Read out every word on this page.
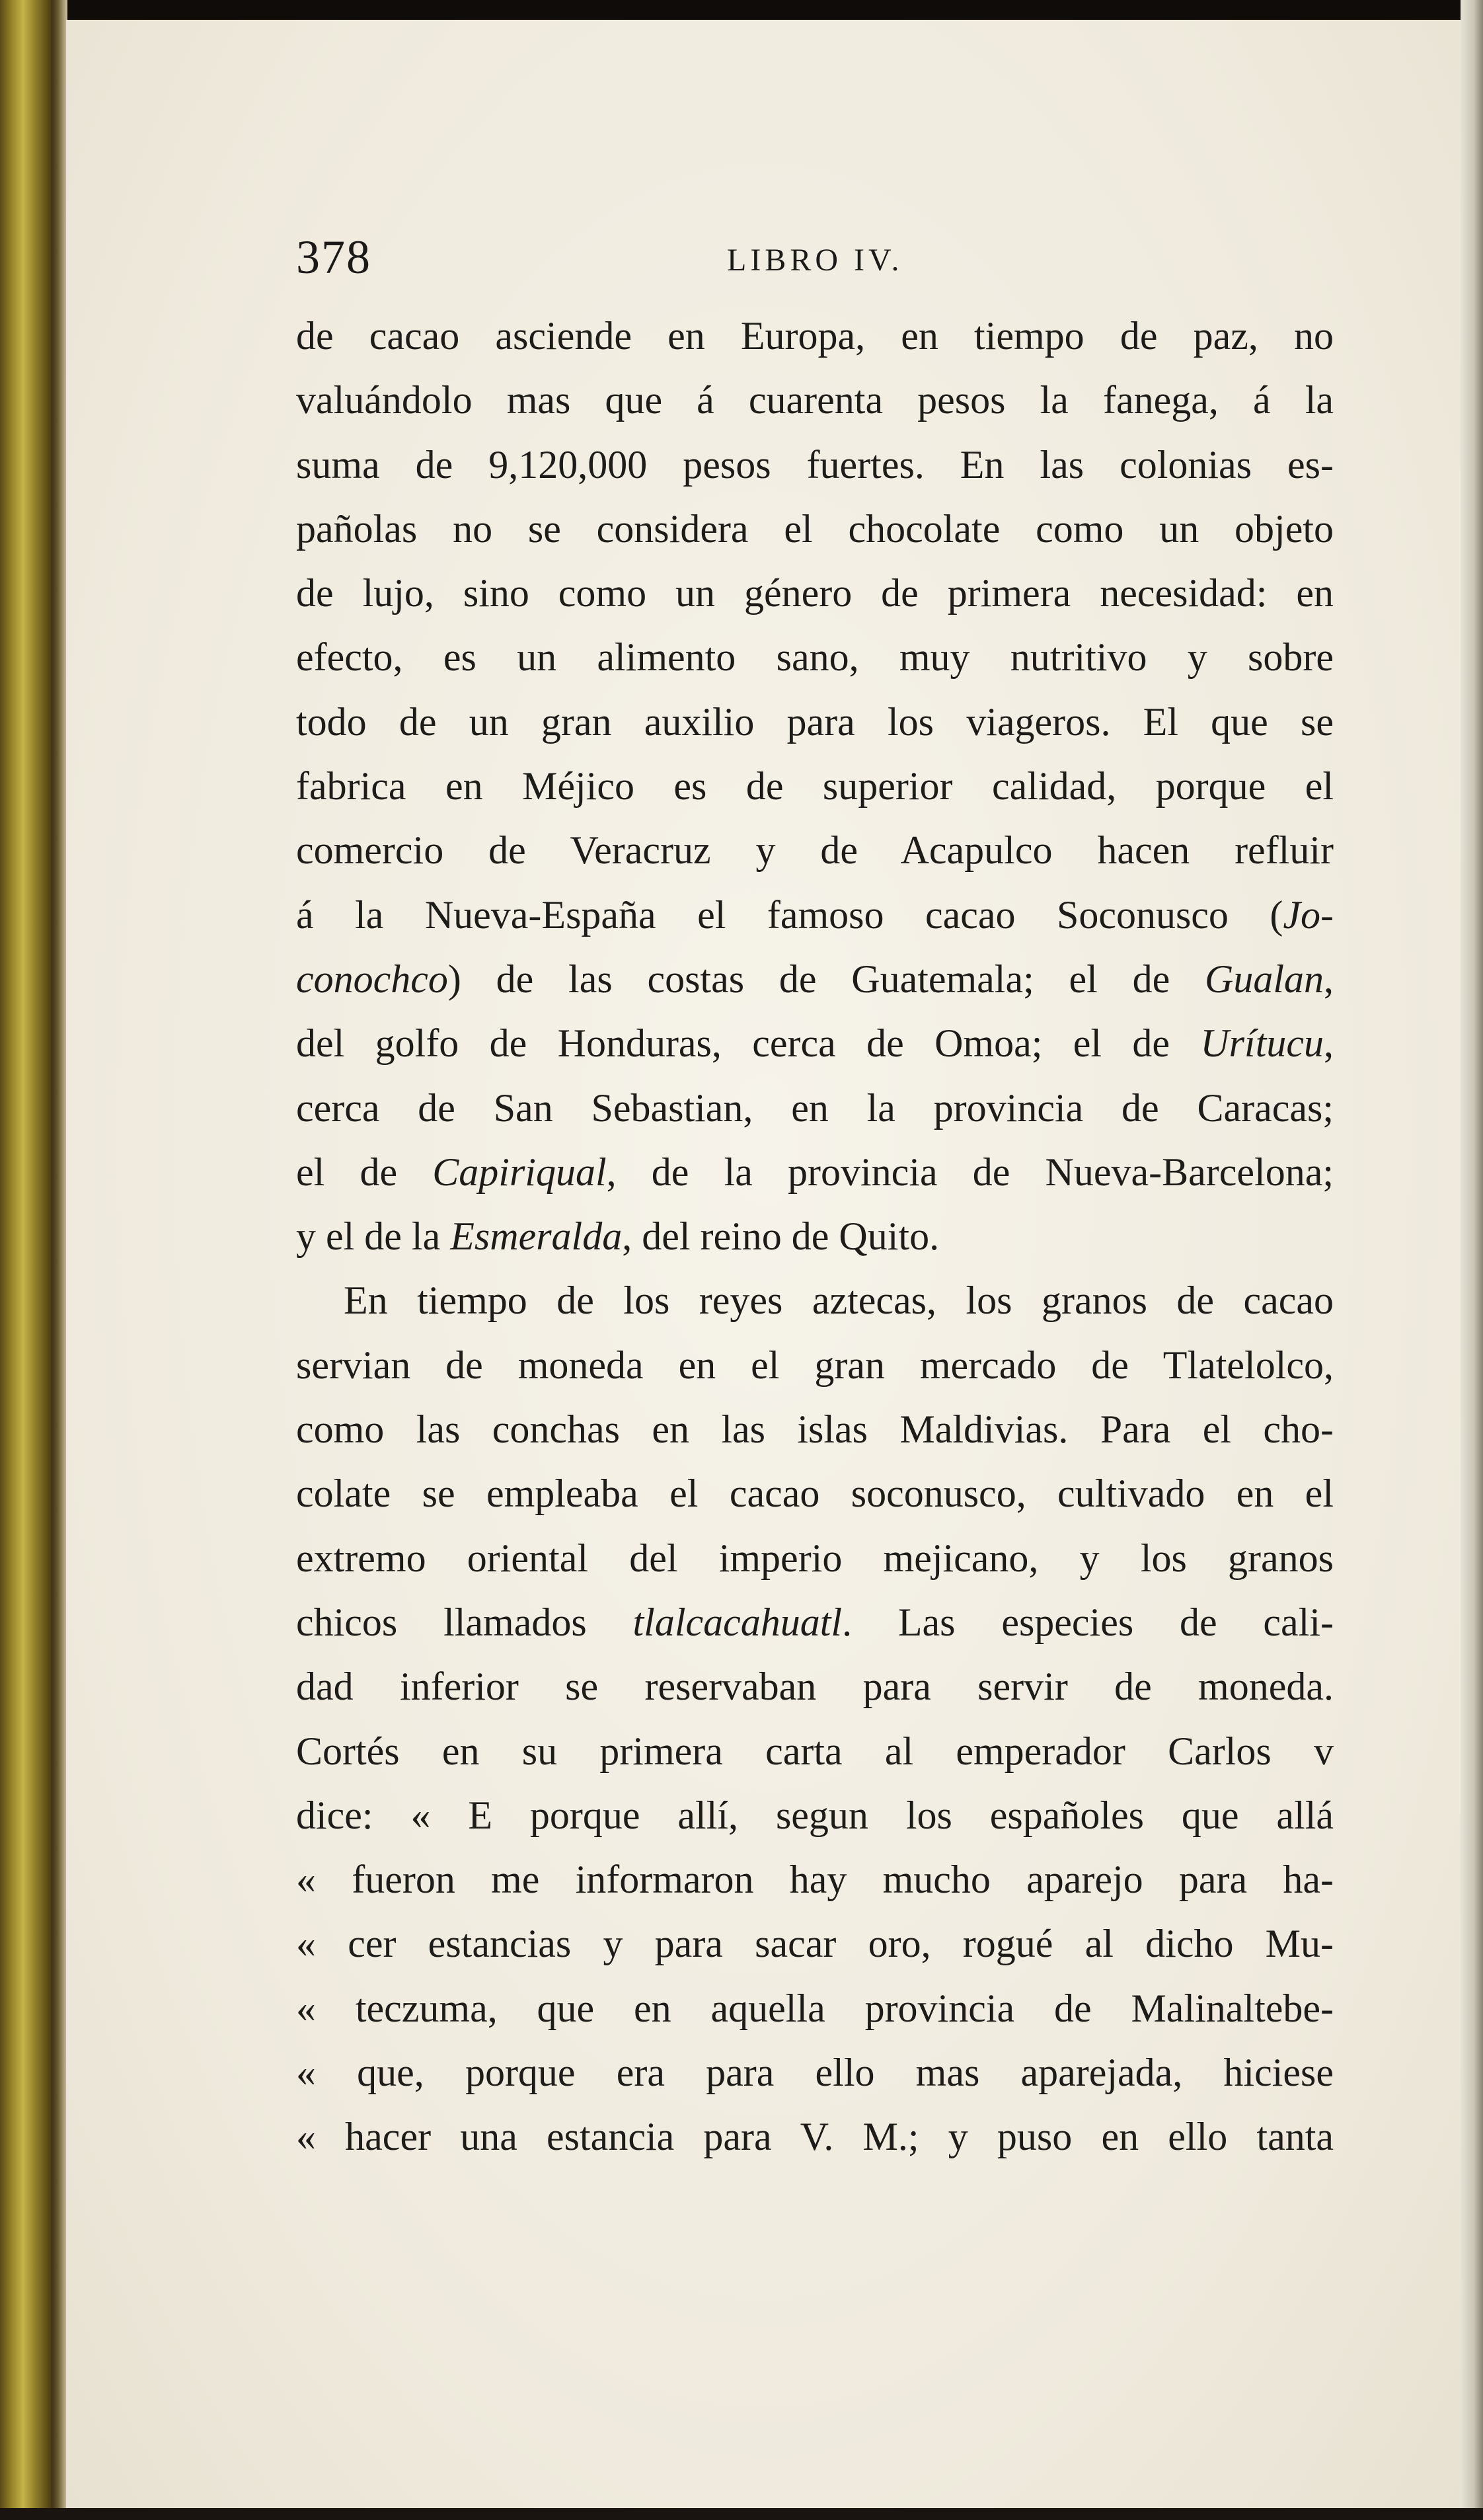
378	LIBRO IV.
de cacao asciende en Europa, en tiempo de paz, no
valuándolo mas que á cuarenta pesos la fanega, á la
suma de 9,120,000 pesos fuertes. En las colonias es-
pañolas no se considera el chocolate como un objeto
de lujo, sino como un género de primera necesidad: en
efecto, es un alimento sano, muy nutritivo y sobre
todo de un gran auxilio para los viageros. El que se
fabrica en Méjico es de superior calidad, porque el
comercio de Veracruz y de Acapulco hacen refluir
á la Nueva-España el famoso cacao Soconusco (Jo-
conochco) de las costas de Guatemala; el de Gualan,
del golfo de Honduras, cerca de Omoa; el de Urítucu,
cerca de San Sebastian, en la provincia de Caracas;
el de Capiriqual, de la provincia de Nueva-Barcelona;
y el de la Esmeralda, del reino de Quito.
En tiempo de los reyes aztecas, los granos de cacao
servian de moneda en el gran mercado de Tlatelolco,
como las conchas en las islas Maldivias. Para el cho-
colate se empleaba el cacao soconusco, cultivado en el
extremo oriental del imperio mejicano, y los granos
chicos llamados tlalcacahuatl. Las especies de cali-
dad inferior se reservaban para servir de moneda.
Cortés en su primera carta al emperador Carlos v
dice: « E porque allí, segun los españoles que allá
« fueron me informaron hay mucho aparejo para ha-
« cer estancias y para sacar oro, rogué al dicho Mu-
« teczuma, que en aquella provincia de Malinaltebe-
« que, porque era para ello mas aparejada, hiciese
« hacer una estancia para V. M.; y puso en ello tanta
